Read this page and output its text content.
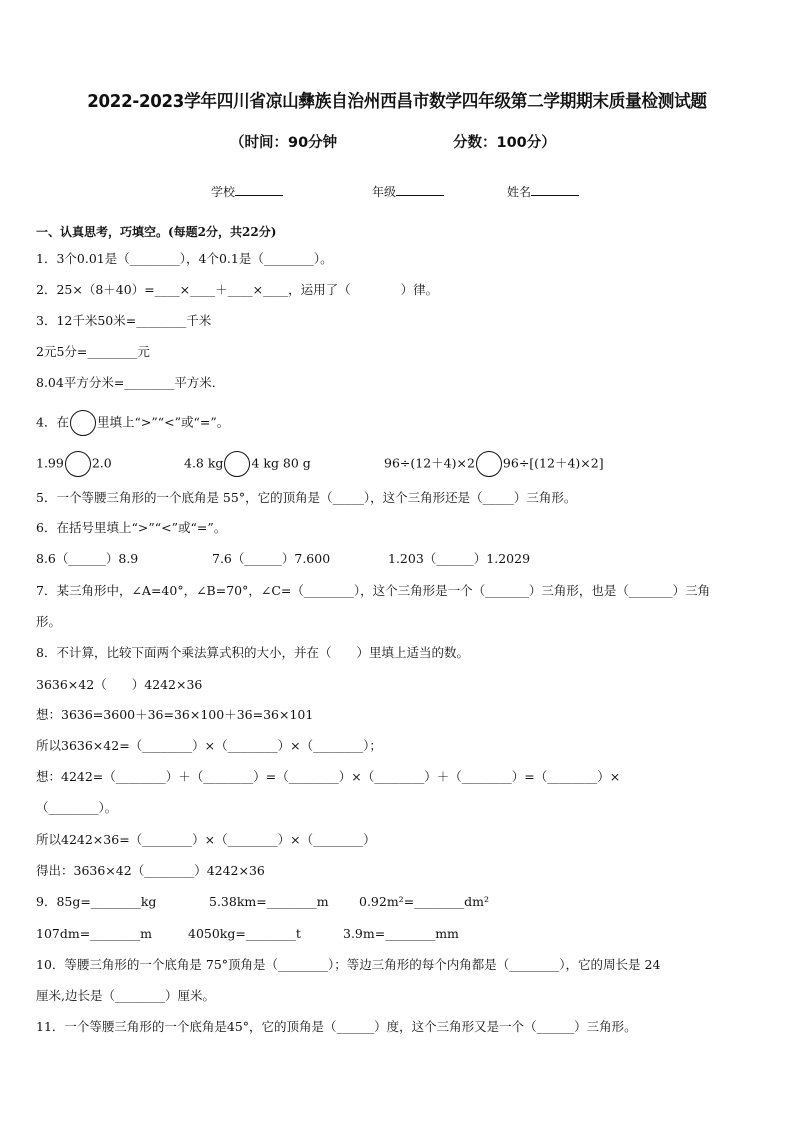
2022-2023学年四川省凉山彝族自治州西昌市数学四年级第二学期期末质量检测试题
（时间：90分钟	分数：100分）
学校	年级	姓名
一、认真思考，巧填空。(每题2分，共22分)
1．3个0.01是（________），4个0.1是（________）。
2．25×（8＋40）=____×____＋____×____，运用了（　　　　）律。
3．12千米50米=________千米
2元5分=________元
8.04平方分米=________平方米．
4．在 里填上“>”“<”或“=”。
1.99 2.0	4.8 kg 4 kg 80 g	96÷(12＋4)×2 96÷[(12＋4)×2]
5．一个等腰三角形的一个底角是 55°，它的顶角是（_____），这个三角形还是（_____）三角形。
6．在括号里填上“>”“<”或“=”。
8.6（______）8.9	7.6（______）7.600	1.203（______）1.2029
7．某三角形中，∠A=40°，∠B=70°，∠C=（________），这个三角形是一个（_______）三角形，也是（_______）三角
形。
8．不计算，比较下面两个乘法算式积的大小，并在（　　）里填上适当的数。
3636×42（　　）4242×36
想：3636=3600＋36=36×100＋36=36×101
所以3636×42=（________）×（________）×（________）；
想：4242=（________）＋（________）=（________）×（________）＋（________）=（________）×
（________）。
所以4242×36=（________）×（________）×（________）
得出：3636×42（________）4242×36
9．85g=________kg	5.38km=________m 0.92m²=________dm²
107dm=________m	4050kg=________t	3.9m=________mm
10．等腰三角形的一个底角是 75°顶角是（________）；等边三角形的每个内角都是（________），它的周长是 24
厘米,边长是（________）厘米。
11．一个等腰三角形的一个底角是45°，它的顶角是（______）度，这个三角形又是一个（______）三角形。
